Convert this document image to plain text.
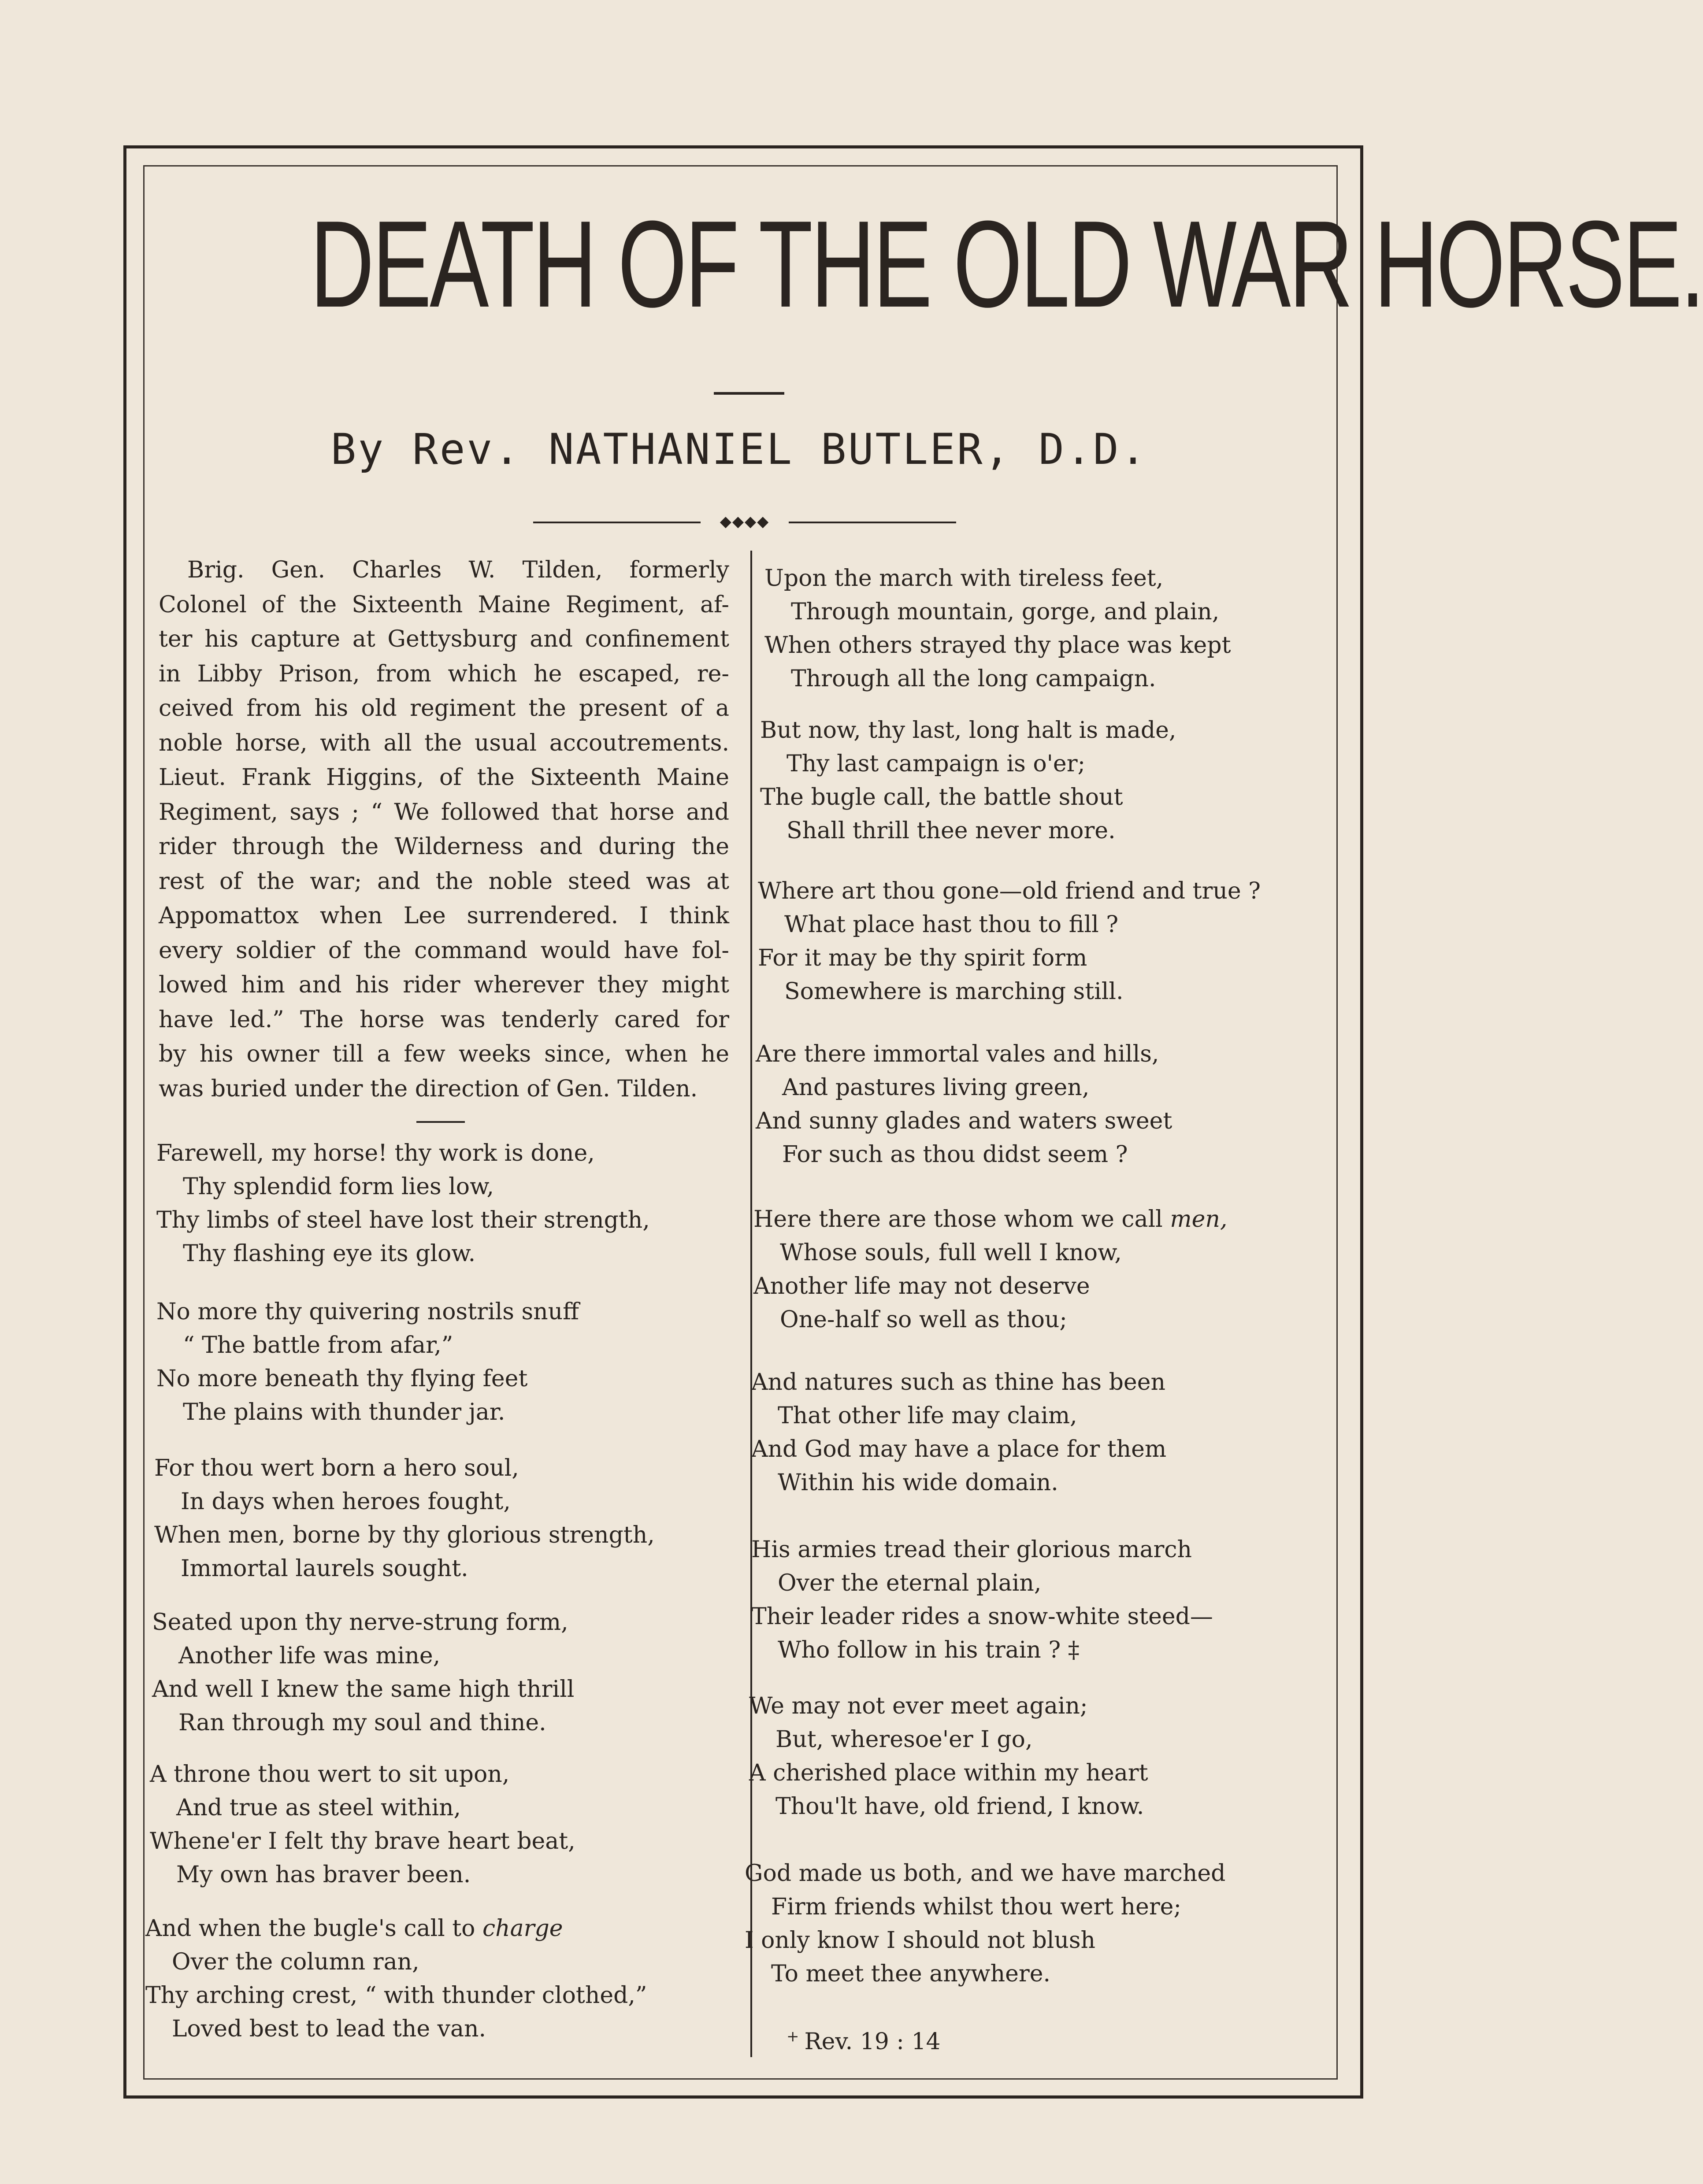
DEATH OF THE OLD WAR HORSE.
By Rev. NATHANIEL BUTLER, D.D.
◆◆◆◆
Brig. Gen. Charles W. Tilden, formerly
Colonel of the Sixteenth Maine Regiment, af-
ter his capture at Gettysburg and confinement
in Libby Prison, from which he escaped, re-
ceived from his old regiment the present of a
noble horse, with all the usual accoutrements.
Lieut. Frank Higgins, of the Sixteenth Maine
Regiment, says ; “ We followed that horse and
rider through the Wilderness and during the
rest of the war; and the noble steed was at
Appomattox when Lee surrendered. I think
every soldier of the command would have fol-
lowed him and his rider wherever they might
have led.” The horse was tenderly cared for
by his owner till a few weeks since, when he
was buried under the direction of Gen. Tilden.
Farewell, my horse! thy work is done,
Thy splendid form lies low,
Thy limbs of steel have lost their strength,
Thy flashing eye its glow.
No more thy quivering nostrils snuff
“ The battle from afar,”
No more beneath thy flying feet
The plains with thunder jar.
For thou wert born a hero soul,
In days when heroes fought,
When men, borne by thy glorious strength,
Immortal laurels sought.
Seated upon thy nerve-strung form,
Another life was mine,
And well I knew the same high thrill
Ran through my soul and thine.
A throne thou wert to sit upon,
And true as steel within,
Whene'er I felt thy brave heart beat,
My own has braver been.
And when the bugle's call to charge
Over the column ran,
Thy arching crest, “ with thunder clothed,”
Loved best to lead the van.
Upon the march with tireless feet,
Through mountain, gorge, and plain,
When others strayed thy place was kept
Through all the long campaign.
But now, thy last, long halt is made,
Thy last campaign is o'er;
The bugle call, the battle shout
Shall thrill thee never more.
Where art thou gone—old friend and true ?
What place hast thou to fill ?
For it may be thy spirit form
Somewhere is marching still.
Are there immortal vales and hills,
And pastures living green,
And sunny glades and waters sweet
For such as thou didst seem ?
Here there are those whom we call men,
Whose souls, full well I know,
Another life may not deserve
One-half so well as thou;
And natures such as thine has been
That other life may claim,
And God may have a place for them
Within his wide domain.
His armies tread their glorious march
Over the eternal plain,
Their leader rides a snow-white steed—
Who follow in his train ? ‡
We may not ever meet again;
But, wheresoe'er I go,
A cherished place within my heart
Thou'lt have, old friend, I know.
God made us both, and we have marched
Firm friends whilst thou wert here;
I only know I should not blush
To meet thee anywhere.
+ Rev. 19 : 14
